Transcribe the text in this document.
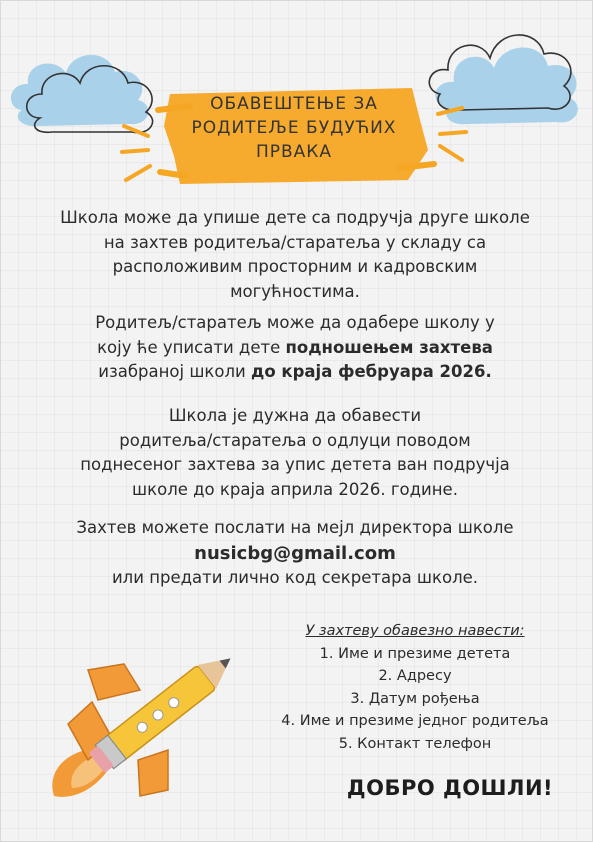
ОБАВЕШТЕЊЕ ЗА
РОДИТЕЉЕ БУДУЋИХ
ПРВАКА
Школа може да упише дете са подручја друге школе
на захтев родитеља/старатеља у складу са
расположивим просторним и кадровским
могућностима.
Родитељ/старатељ може да одабере школу у
коју ће уписати дете подношењем захтева
изабраној школи до краја фебруара 2026.
Школа је дужна да обавести
родитеља/старатеља о одлуци поводом
поднесеног захтева за упис детета ван подручја
школе до краја априла 2026. године.
Захтев можете послати на мејл директора школе
nusicbg@gmail.com
или предати лично код секретара школе.
У захтеву обавезно навести:
1. Име и презиме детета
2. Адресу
3. Датум рођења
4. Име и презиме једног родитеља
5. Контакт телефон
ДОБРО ДОШЛИ!
